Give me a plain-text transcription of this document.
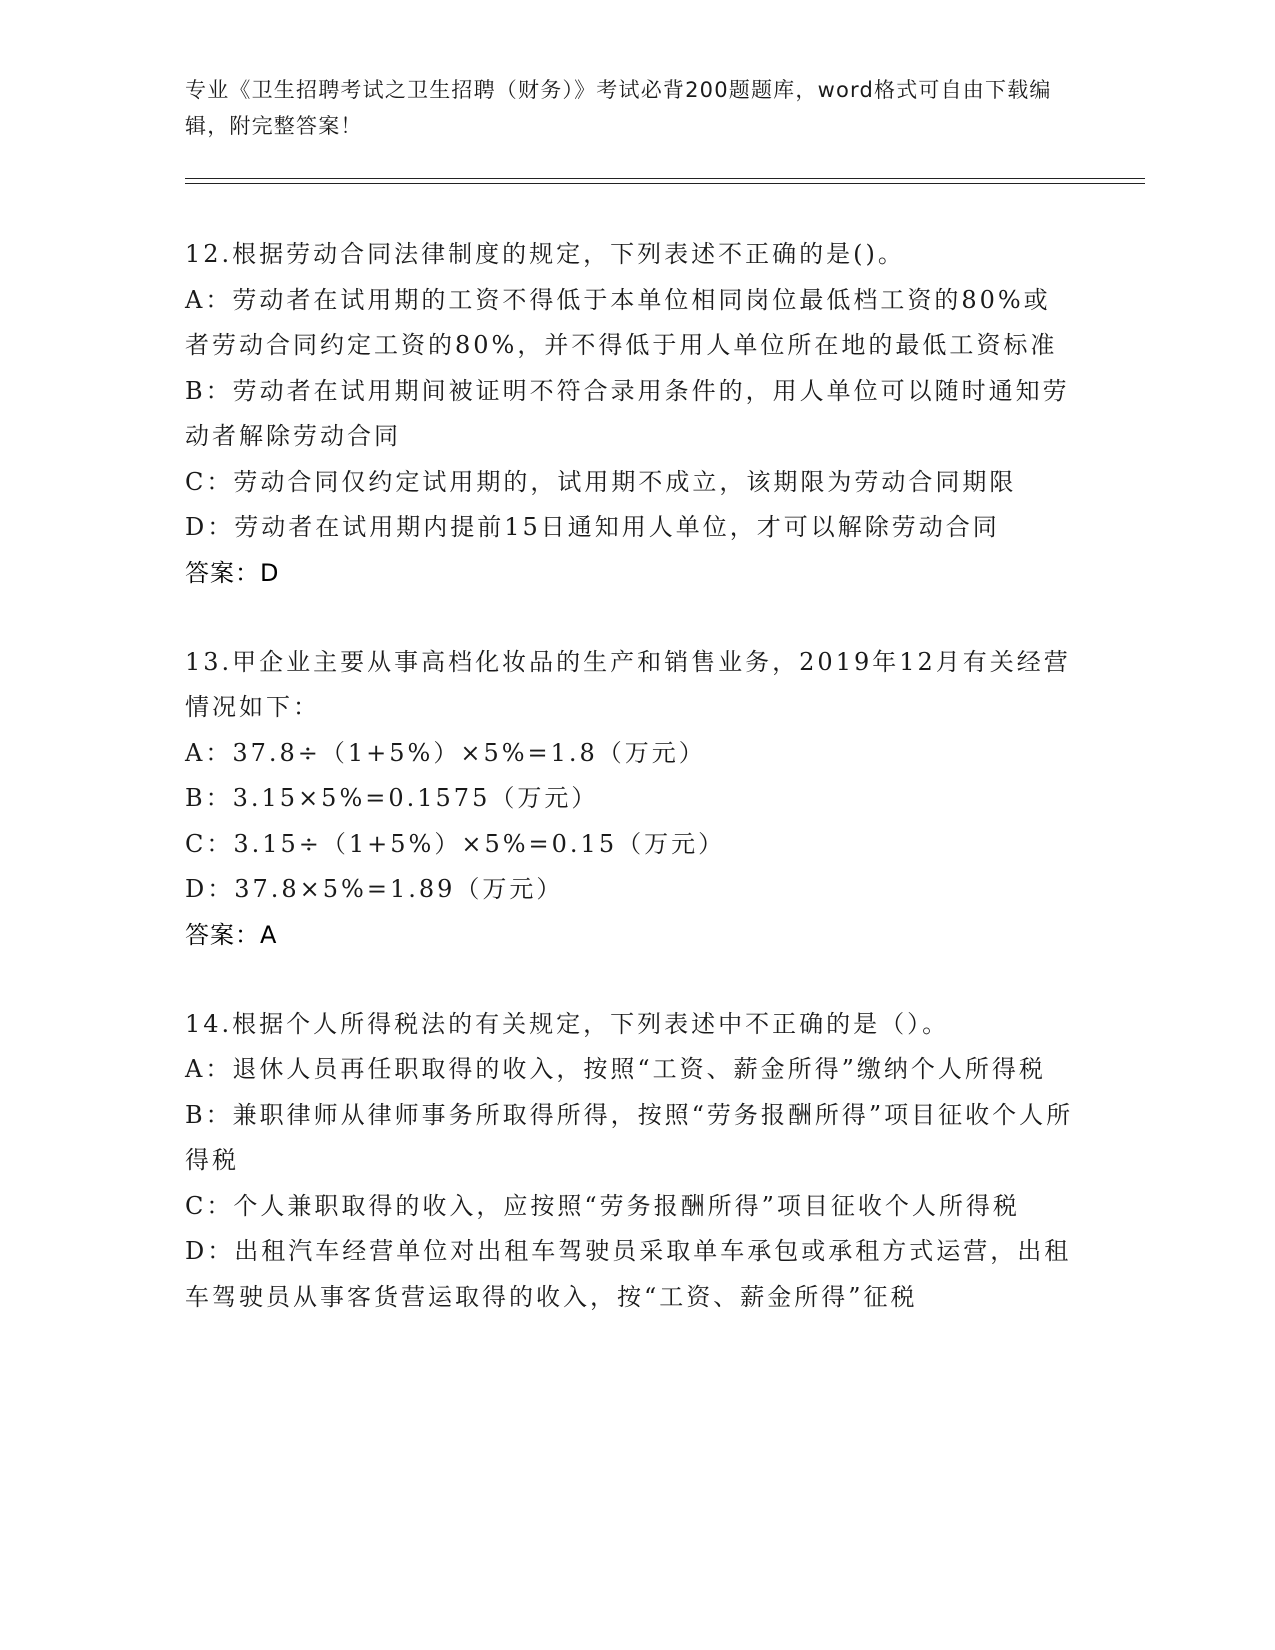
专业《卫生招聘考试之卫生招聘（财务）》考试必背200题题库，word格式可自由下载编辑，附完整答案！
12.根据劳动合同法律制度的规定，下列表述不正确的是()。
A：劳动者在试用期的工资不得低于本单位相同岗位最低档工资的80%或者劳动合同约定工资的80%，并不得低于用人单位所在地的最低工资标准
B：劳动者在试用期间被证明不符合录用条件的，用人单位可以随时通知劳动者解除劳动合同
C：劳动合同仅约定试用期的，试用期不成立，该期限为劳动合同期限
D：劳动者在试用期内提前15日通知用人单位，才可以解除劳动合同
答案：D
13.甲企业主要从事高档化妆品的生产和销售业务，2019年12月有关经营情况如下：
A：37.8÷（1+5%）×5%=1.8（万元）
B：3.15×5%=0.1575（万元）
C：3.15÷（1+5%）×5%=0.15（万元）
D：37.8×5%=1.89（万元）
答案：A
14.根据个人所得税法的有关规定，下列表述中不正确的是（）。
A：退休人员再任职取得的收入，按照“工资、薪金所得”缴纳个人所得税
B：兼职律师从律师事务所取得所得，按照“劳务报酬所得”项目征收个人所得税
C：个人兼职取得的收入，应按照“劳务报酬所得”项目征收个人所得税
D：出租汽车经营单位对出租车驾驶员采取单车承包或承租方式运营，出租车驾驶员从事客货营运取得的收入，按“工资、薪金所得”征税
